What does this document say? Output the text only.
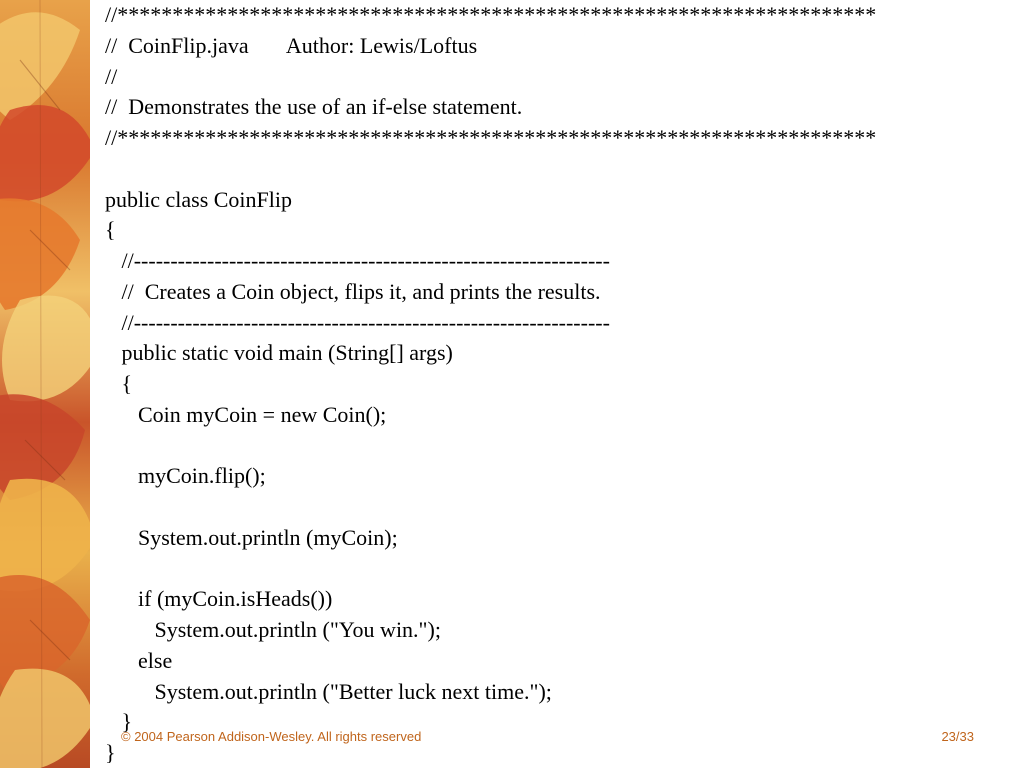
//*********************************************************************
//  CoinFlip.java       Author: Lewis/Loftus
//
//  Demonstrates the use of an if-else statement.
//*********************************************************************
public class CoinFlip
{
//-----------------------------------------------------------------
//  Creates a Coin object, flips it, and prints the results.
//-----------------------------------------------------------------
public static void main (String[] args)
{
Coin myCoin = new Coin();
myCoin.flip();
System.out.println (myCoin);
if (myCoin.isHeads())
System.out.println ("You win.");
else
System.out.println ("Better luck next time.");
}
}
© 2004 Pearson Addison-Wesley. All rights reserved	23/33
